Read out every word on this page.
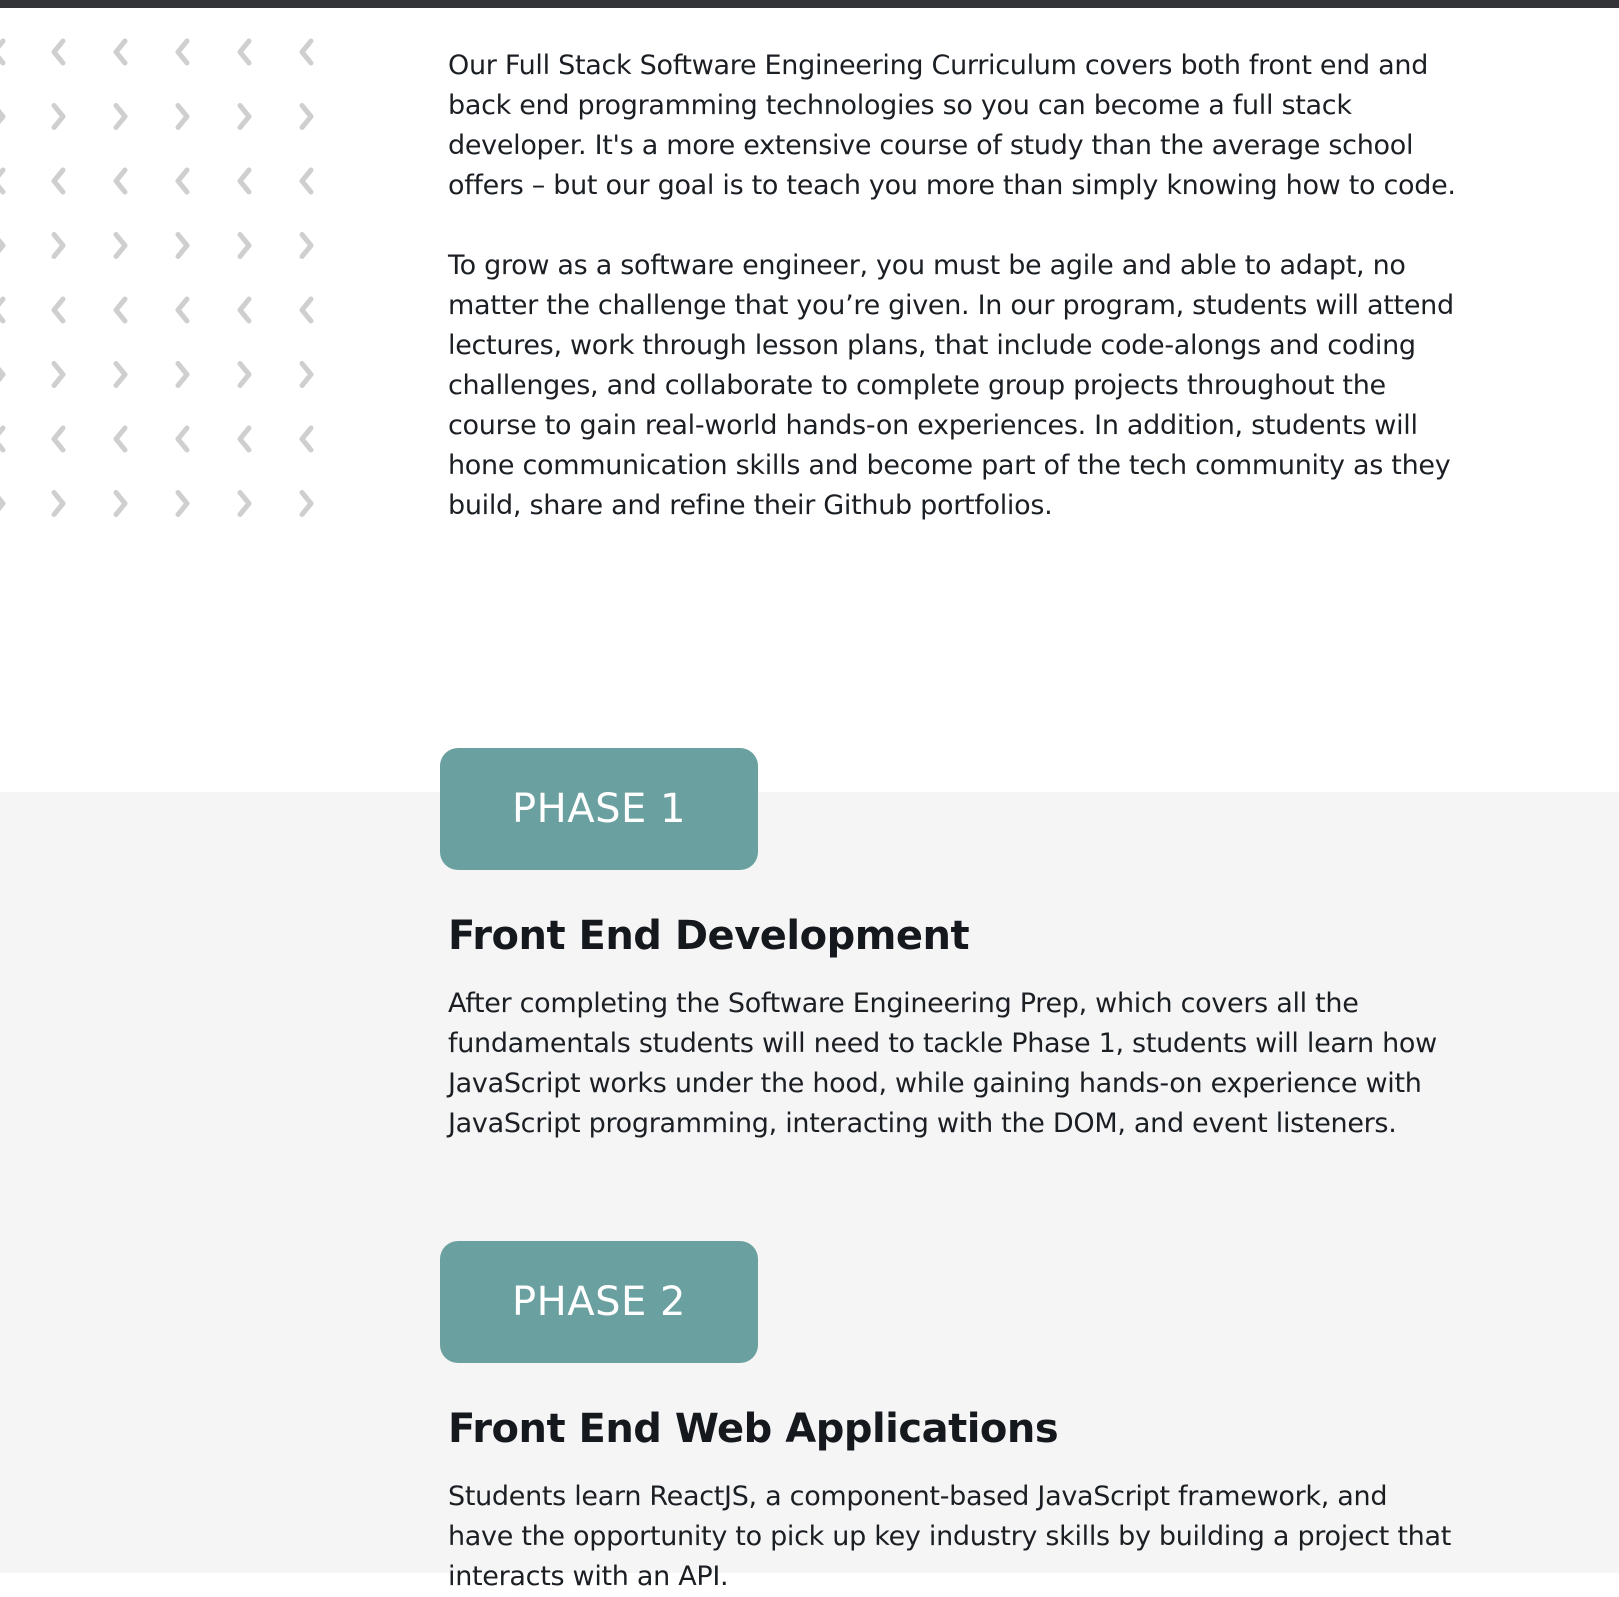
Our Full Stack Software Engineering Curriculum covers both front end and back end programming technologies so you can become a full stack developer. It's a more extensive course of study than the average school offers – but our goal is to teach you more than simply knowing how to code.

To grow as a software engineer, you must be agile and able to adapt, no matter the challenge that you’re given. In our program, students will attend lectures, work through lesson plans, that include code-alongs and coding challenges, and collaborate to complete group projects throughout the course to gain real-world hands-on experiences. In addition, students will hone communication skills and become part of the tech community as they build, share and refine their Github portfolios.

PHASE 1
Front End Development

After completing the Software Engineering Prep, which covers all the fundamentals students will need to tackle Phase 1, students will learn how JavaScript works under the hood, while gaining hands-on experience with JavaScript programming, interacting with the DOM, and event listeners.

PHASE 2
Front End Web Applications

Students learn ReactJS, a component-based JavaScript framework, and have the opportunity to pick up key industry skills by building a project that interacts with an API.
